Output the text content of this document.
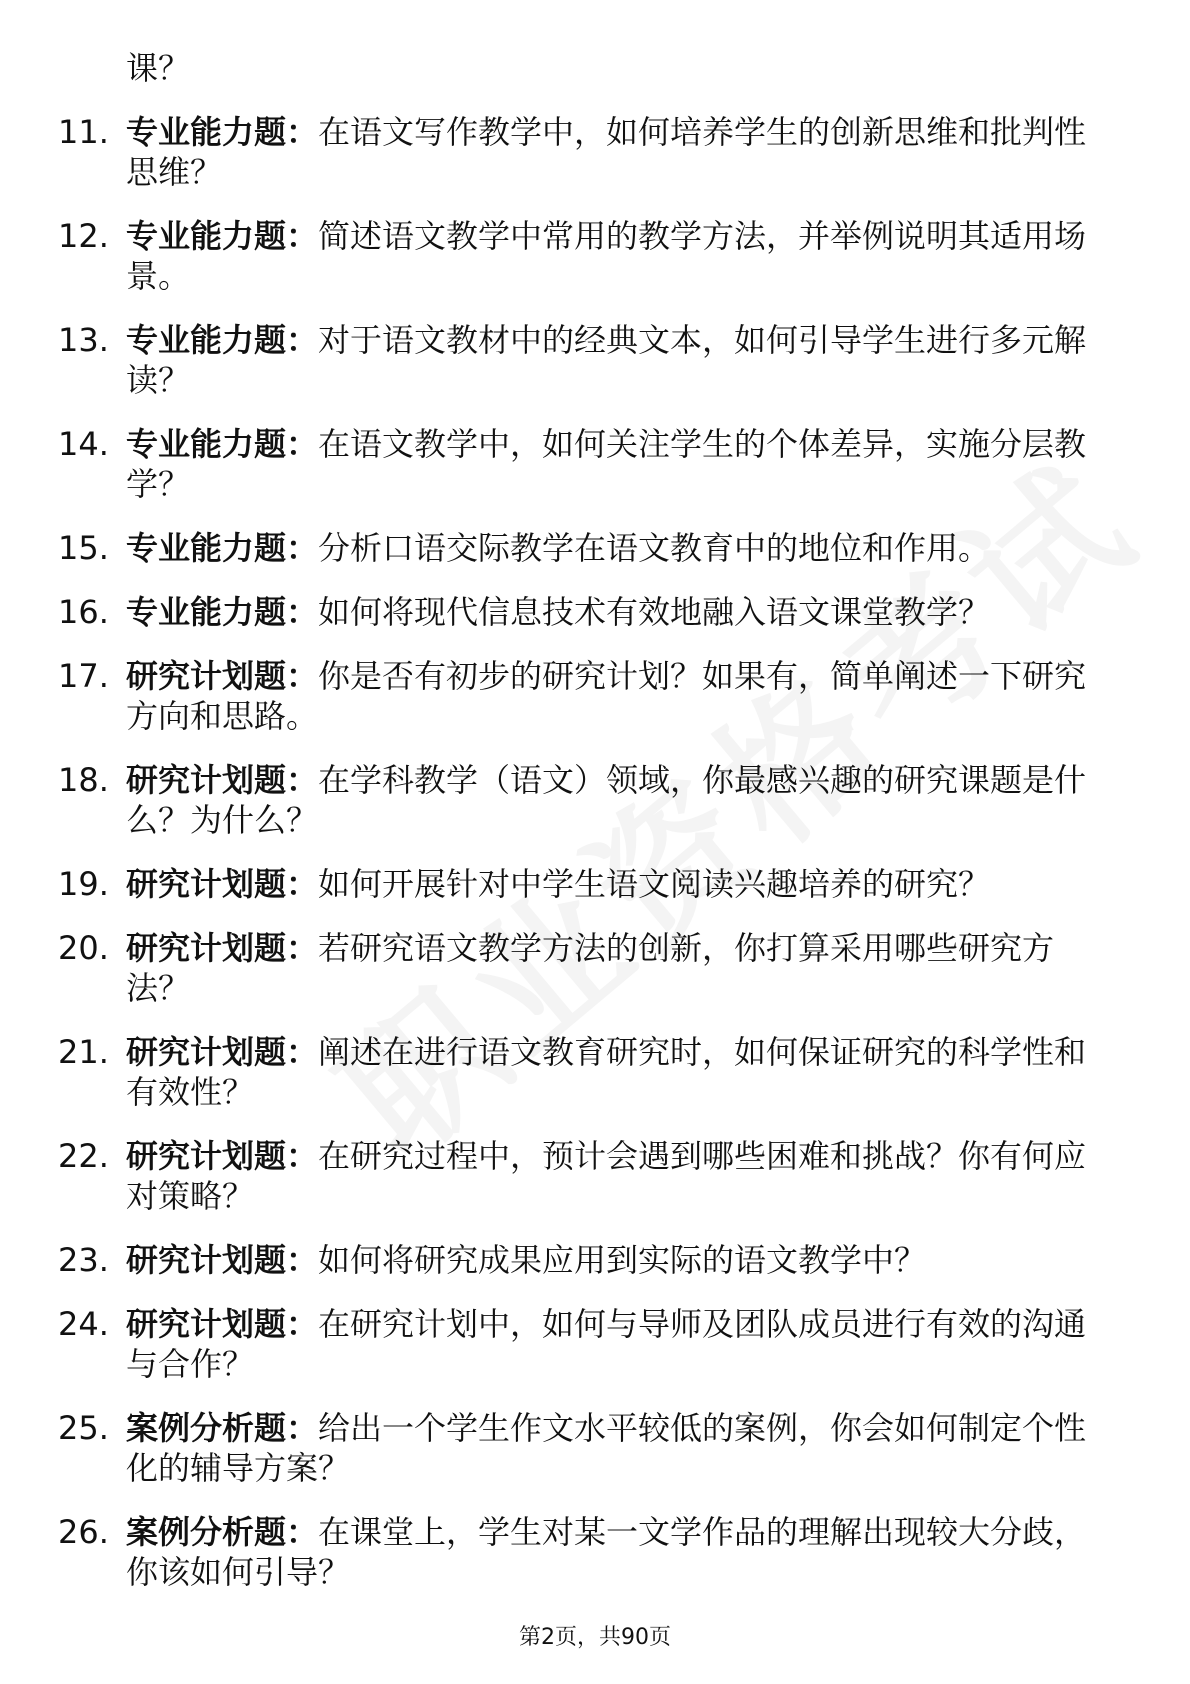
课？
11. 专业能力题：在语文写作教学中，如何培养学生的创新思维和批判性思维？
12. 专业能力题：简述语文教学中常用的教学方法，并举例说明其适用场景。
13. 专业能力题：对于语文教材中的经典文本，如何引导学生进行多元解读？
14. 专业能力题：在语文教学中，如何关注学生的个体差异，实施分层教学？
15. 专业能力题：分析口语交际教学在语文教育中的地位和作用。
16. 专业能力题：如何将现代信息技术有效地融入语文课堂教学？
17. 研究计划题：你是否有初步的研究计划？如果有，简单阐述一下研究方向和思路。
18. 研究计划题：在学科教学（语文）领域，你最感兴趣的研究课题是什么？为什么？
19. 研究计划题：如何开展针对中学生语文阅读兴趣培养的研究？
20. 研究计划题：若研究语文教学方法的创新，你打算采用哪些研究方法？
21. 研究计划题：阐述在进行语文教育研究时，如何保证研究的科学性和有效性？
22. 研究计划题：在研究过程中，预计会遇到哪些困难和挑战？你有何应对策略？
23. 研究计划题：如何将研究成果应用到实际的语文教学中？
24. 研究计划题：在研究计划中，如何与导师及团队成员进行有效的沟通与合作？
25. 案例分析题：给出一个学生作文水平较低的案例，你会如何制定个性化的辅导方案？
26. 案例分析题：在课堂上，学生对某一文学作品的理解出现较大分歧，你该如何引导？
第2页，共90页
